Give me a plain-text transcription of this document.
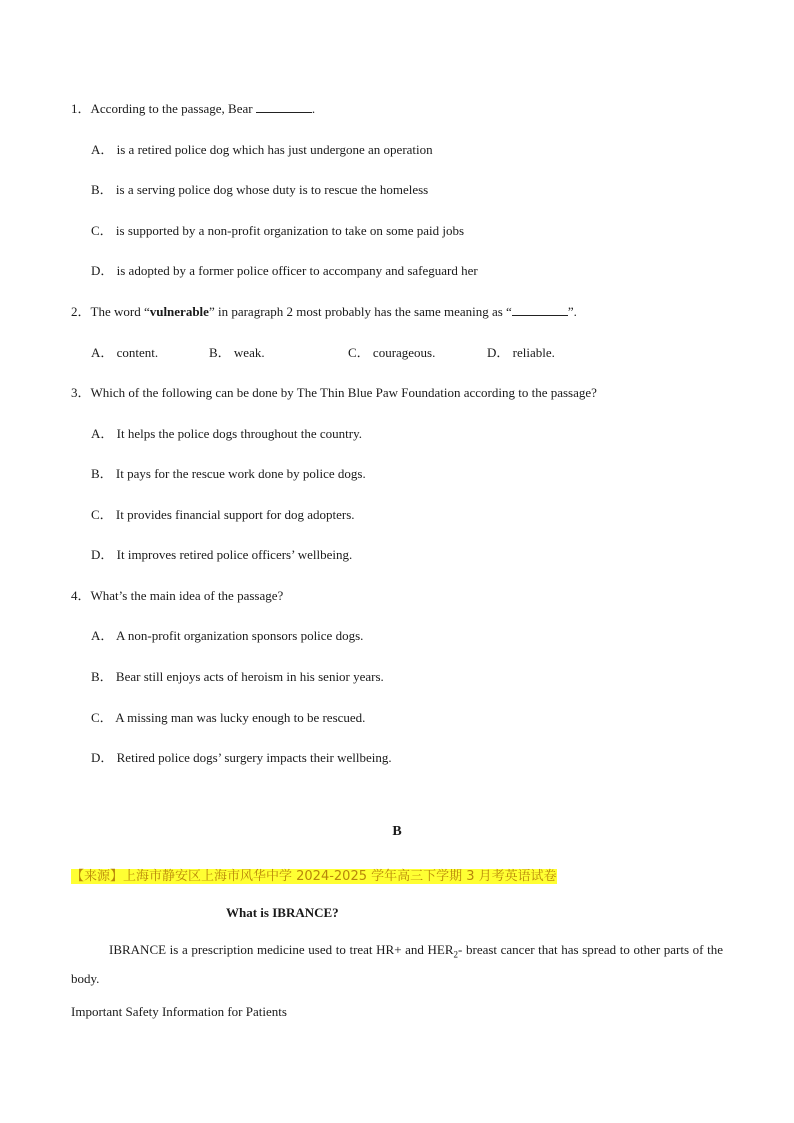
1．According to the passage, Bear	.
A． is a retired police dog which has just undergone an operation
B． is a serving police dog whose duty is to rescue the homeless
C． is supported by a non-profit organization to take on some paid jobs
D． is adopted by a former police officer to accompany and safeguard her
2．The word “vulnerable” in paragraph 2 most probably has the same meaning as “	”.
A． content.	B． weak.	C． courageous.	D． reliable.
3．Which of the following can be done by The Thin Blue Paw Foundation according to the passage?
A． It helps the police dogs throughout the country.
B． It pays for the rescue work done by police dogs.
C． It provides financial support for dog adopters.
D． It improves retired police officers’ wellbeing.
4．What’s the main idea of the passage?
A． A non-profit organization sponsors police dogs.
B． Bear still enjoys acts of heroism in his senior years.
C． A missing man was lucky enough to be rescued.
D． Retired police dogs’ surgery impacts their wellbeing.
B
【来源】上海市静安区上海市风华中学 2024-2025 学年高三下学期 3 月考英语试卷
What is IBRANCE?
IBRANCE is a prescription medicine used to treat HR+ and $HER_2-$ breast cancer that has spread to other parts of the body.
Important Safety Information for Patients
